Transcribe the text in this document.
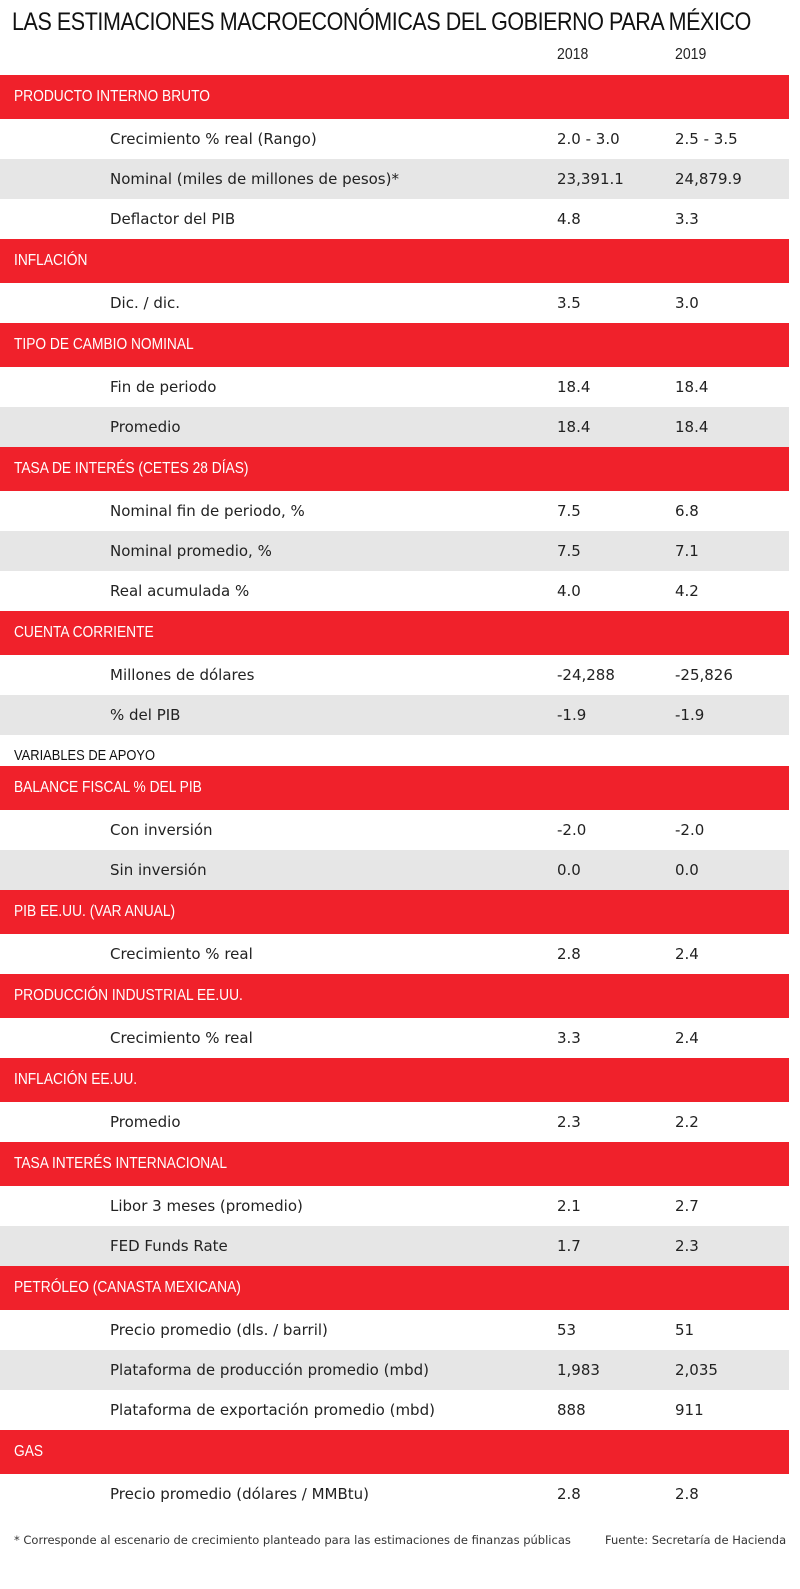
LAS ESTIMACIONES MACROECONÓMICAS DEL GOBIERNO PARA MÉXICO
2018	2019
PRODUCTO INTERNO BRUTO
Crecimiento % real (Rango)	2.0 - 3.0	2.5 - 3.5
Nominal (miles de millones de pesos)*	23,391.1	24,879.9
Deflactor del PIB	4.8	3.3
INFLACIÓN
Dic. / dic.	3.5	3.0
TIPO DE CAMBIO NOMINAL
Fin de periodo	18.4	18.4
Promedio	18.4	18.4
TASA DE INTERÉS (CETES 28 DÍAS)
Nominal fin de periodo, %	7.5	6.8
Nominal promedio, %	7.5	7.1
Real acumulada %	4.0	4.2
CUENTA CORRIENTE
Millones de dólares	-24,288	-25,826
% del PIB	-1.9	-1.9
VARIABLES DE APOYO
BALANCE FISCAL % DEL PIB
Con inversión	-2.0	-2.0
Sin inversión	0.0	0.0
PIB EE.UU. (VAR ANUAL)
Crecimiento % real	2.8	2.4
PRODUCCIÓN INDUSTRIAL EE.UU.
Crecimiento % real	3.3	2.4
INFLACIÓN EE.UU.
Promedio	2.3	2.2
TASA INTERÉS INTERNACIONAL
Libor 3 meses (promedio)	2.1	2.7
FED Funds Rate	1.7	2.3
PETRÓLEO (CANASTA MEXICANA)
Precio promedio (dls. / barril)	53	51
Plataforma de producción promedio (mbd)	1,983	2,035
Plataforma de exportación promedio (mbd)	888	911
GAS
Precio promedio (dólares / MMBtu)	2.8	2.8
* Corresponde al escenario de crecimiento planteado para las estimaciones de finanzas públicas	Fuente: Secretaría de Hacienda
